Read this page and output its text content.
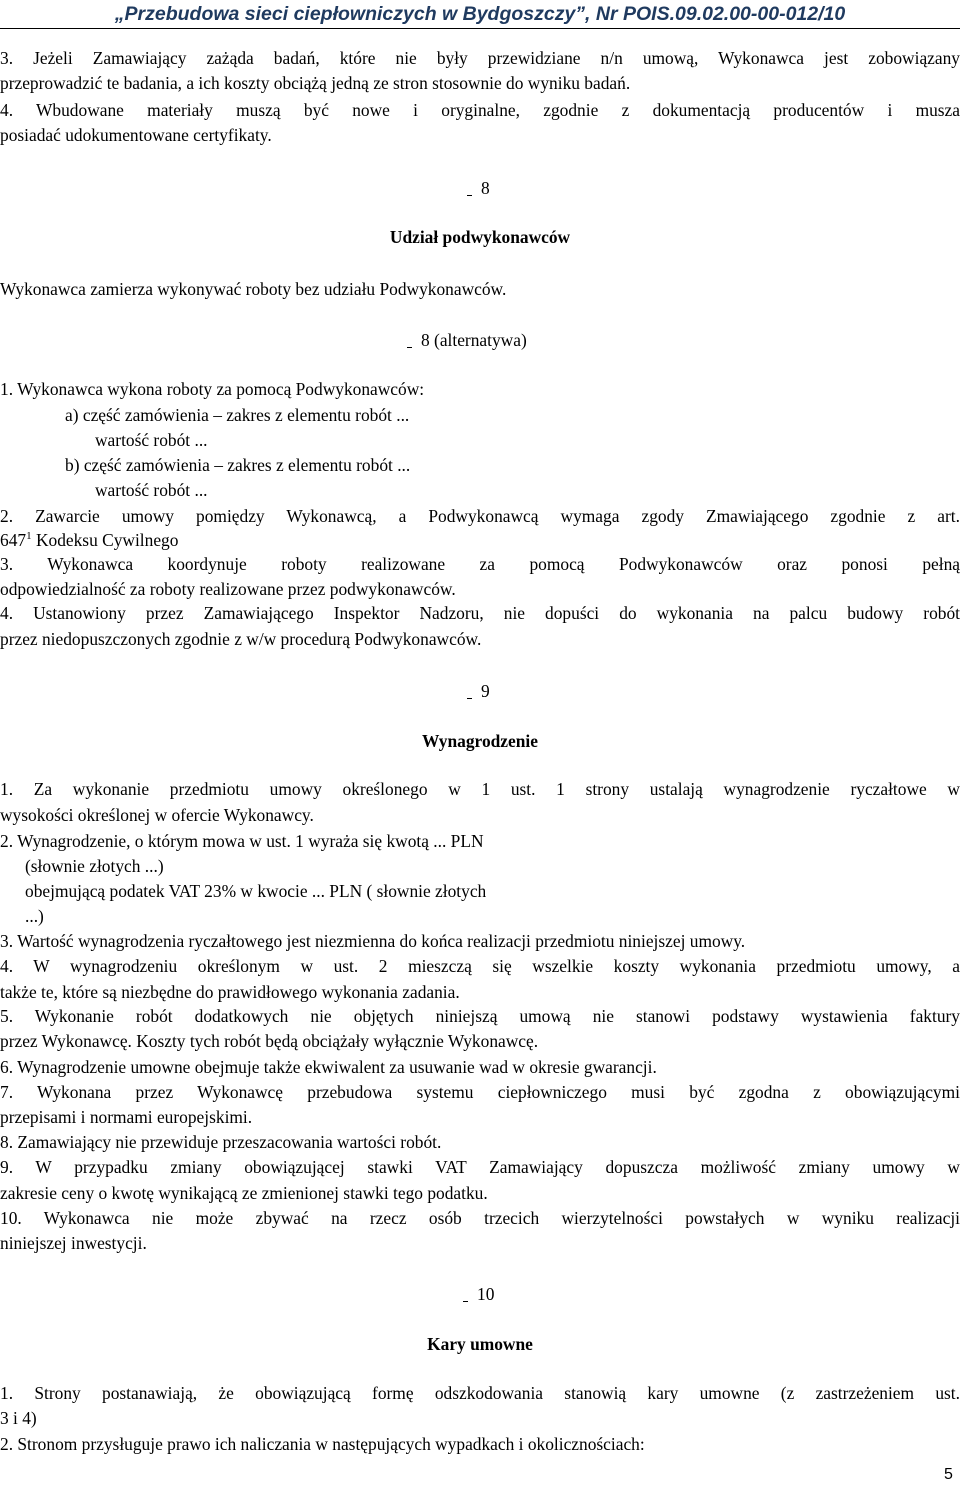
„Przebudowa sieci ciepłowniczych w Bydgoszczy”, Nr POIS.09.02.00-00-012/10
3. Jeżeli Zamawiający zażąda badań, które nie były przewidziane n/n umową, Wykonawca jest zobowiązany
przeprowadzić te badania, a ich koszty obciążą jedną ze stron stosownie do wyniku badań.
4. Wbudowane materiały muszą być nowe i oryginalne, zgodnie z dokumentacją producentów i musza
posiadać udokumentowane certyfikaty.
8
Udział podwykonawców
Wykonawca zamierza wykonywać roboty bez udziału Podwykonawców.
8 (alternatywa)
1. Wykonawca wykona roboty za pomocą Podwykonawców:
a) część zamówienia – zakres z elementu robót ...
wartość robót ...
b) część zamówienia – zakres z elementu robót ...
wartość robót ...
2. Zawarcie umowy pomiędzy Wykonawcą, a Podwykonawcą wymaga zgody Zmawiającego zgodnie z art.
$647^1$ Kodeksu Cywilnego
3. Wykonawca koordynuje roboty realizowane za pomocą Podwykonawców oraz ponosi pełną
odpowiedzialność za roboty realizowane przez podwykonawców.
4. Ustanowiony przez Zamawiającego Inspektor Nadzoru, nie dopuści do wykonania na palcu budowy robót
przez niedopuszczonych zgodnie z w/w procedurą Podwykonawców.
9
Wynagrodzenie
1. Za wykonanie przedmiotu umowy określonego w 1 ust. 1 strony ustalają wynagrodzenie ryczałtowe w
wysokości określonej w ofercie Wykonawcy.
2. Wynagrodzenie, o którym mowa w ust. 1 wyraża się kwotą ... PLN
(słownie złotych ...)
obejmującą podatek VAT 23% w kwocie ... PLN ( słownie złotych
...)
3. Wartość wynagrodzenia ryczałtowego jest niezmienna do końca realizacji przedmiotu niniejszej umowy.
4. W wynagrodzeniu określonym w ust. 2 mieszczą się wszelkie koszty wykonania przedmiotu umowy, a
także te, które są niezbędne do prawidłowego wykonania zadania.
5. Wykonanie robót dodatkowych nie objętych niniejszą umową nie stanowi podstawy wystawienia faktury
przez Wykonawcę. Koszty tych robót będą obciążały wyłącznie Wykonawcę.
6. Wynagrodzenie umowne obejmuje także ekwiwalent za usuwanie wad w okresie gwarancji.
7. Wykonana przez Wykonawcę przebudowa systemu ciepłowniczego musi być zgodna z obowiązującymi
przepisami i normami europejskimi.
8. Zamawiający nie przewiduje przeszacowania wartości robót.
9. W przypadku zmiany obowiązującej stawki VAT Zamawiający dopuszcza możliwość zmiany umowy w
zakresie ceny o kwotę wynikającą ze zmienionej stawki tego podatku.
10. Wykonawca nie może zbywać na rzecz osób trzecich wierzytelności powstałych w wyniku realizacji
niniejszej inwestycji.
10
Kary umowne
1. Strony postanawiają, że obowiązującą formę odszkodowania stanowią kary umowne (z zastrzeżeniem ust.
3 i 4)
2. Stronom przysługuje prawo ich naliczania w następujących wypadkach i okolicznościach:
5
